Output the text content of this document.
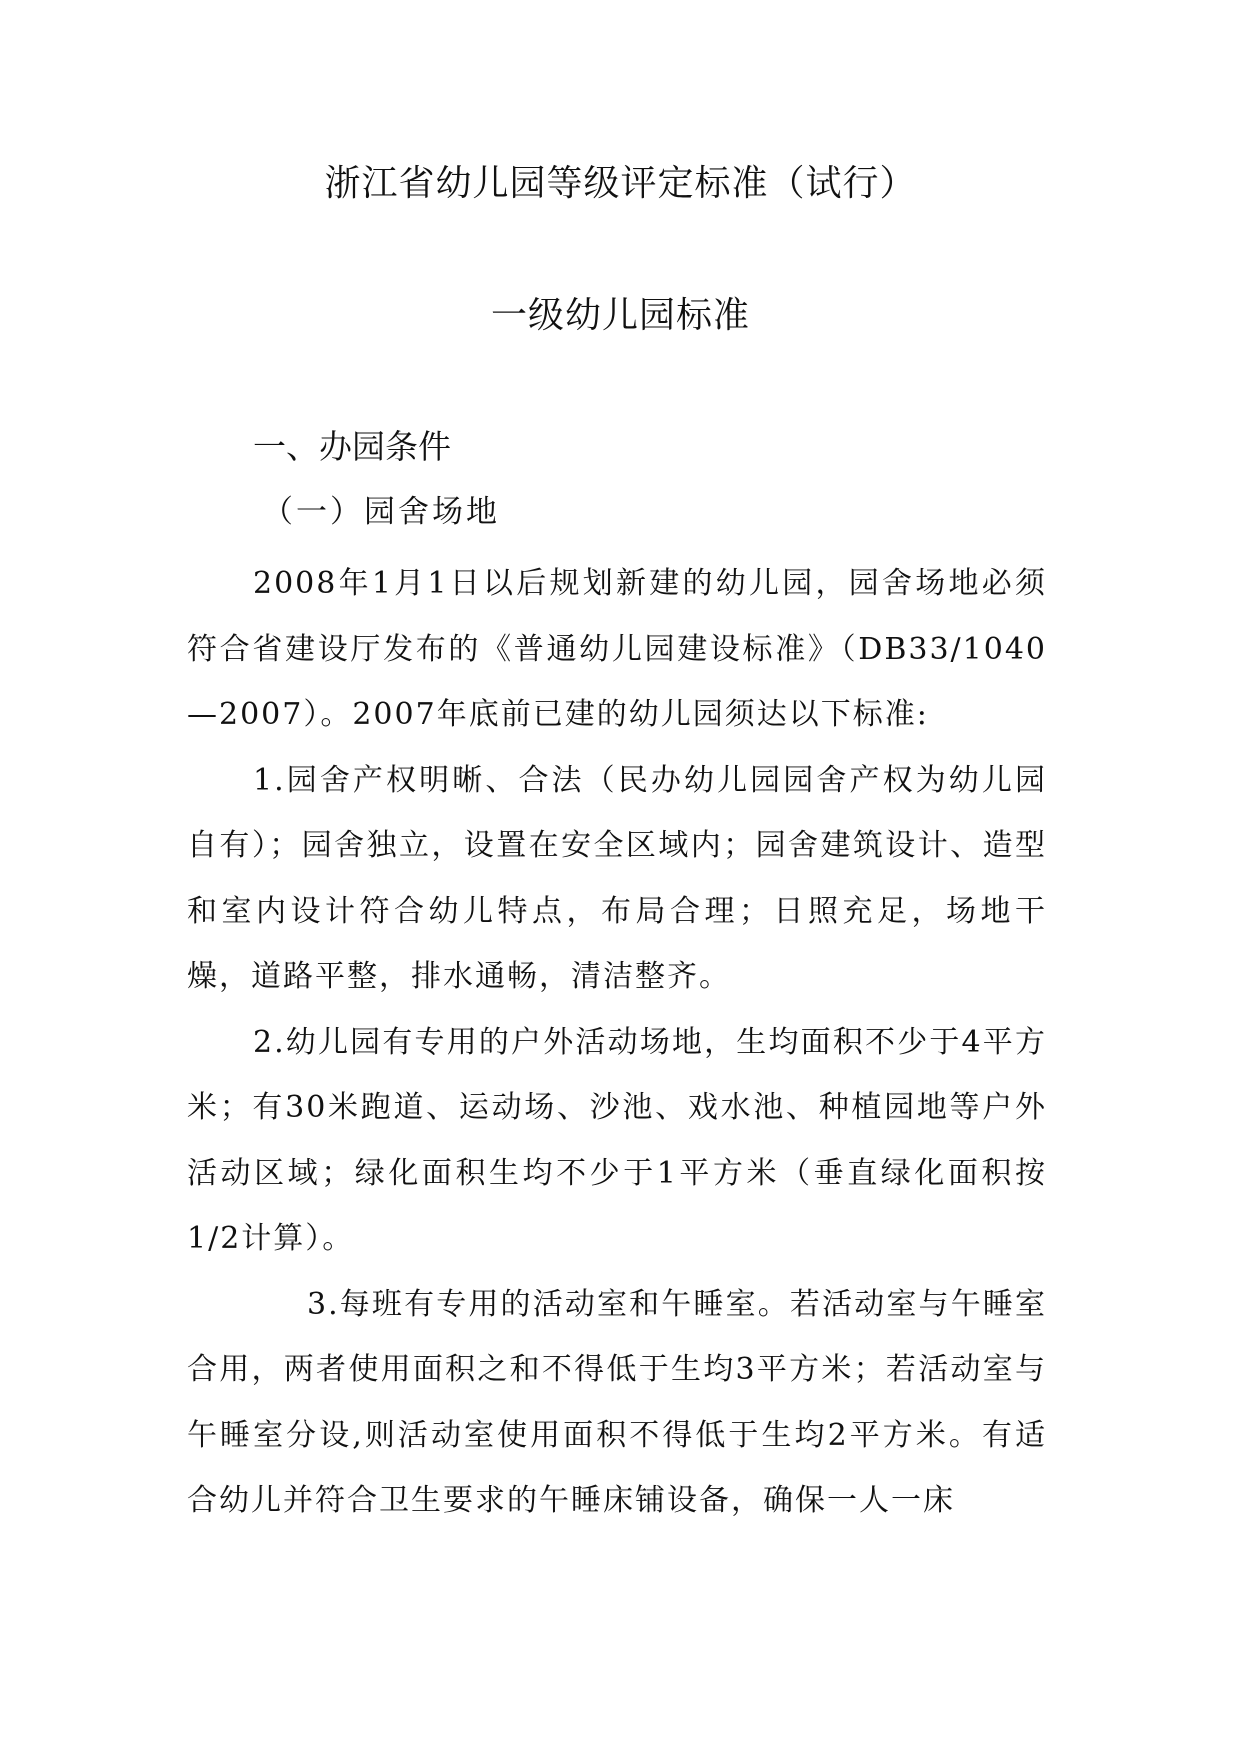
浙江省幼儿园等级评定标准（试行）
一级幼儿园标准
一、办园条件

（一）园舍场地

2008年1月1日以后规划新建的幼儿园，园舍场地必须符合省建设厅发布的《普通幼儿园建设标准》（DB33/1040—2007）。2007年底前已建的幼儿园须达以下标准:

1.园舍产权明晰、合法（民办幼儿园园舍产权为幼儿园自有）；园舍独立，设置在安全区域内；园舍建筑设计、造型和室内设计符合幼儿特点，布局合理；日照充足，场地干燥，道路平整，排水通畅，清洁整齐。

2.幼儿园有专用的户外活动场地，生均面积不少于4平方米；有30米跑道、运动场、沙池、戏水池、种植园地等户外活动区域；绿化面积生均不少于1平方米（垂直绿化面积按1/2计算）。

3.每班有专用的活动室和午睡室。若活动室与午睡室合用，两者使用面积之和不得低于生均3平方米；若活动室与午睡室分设,则活动室使用面积不得低于生均2平方米。有适合幼儿并符合卫生要求的午睡床铺设备，确保一人一床
